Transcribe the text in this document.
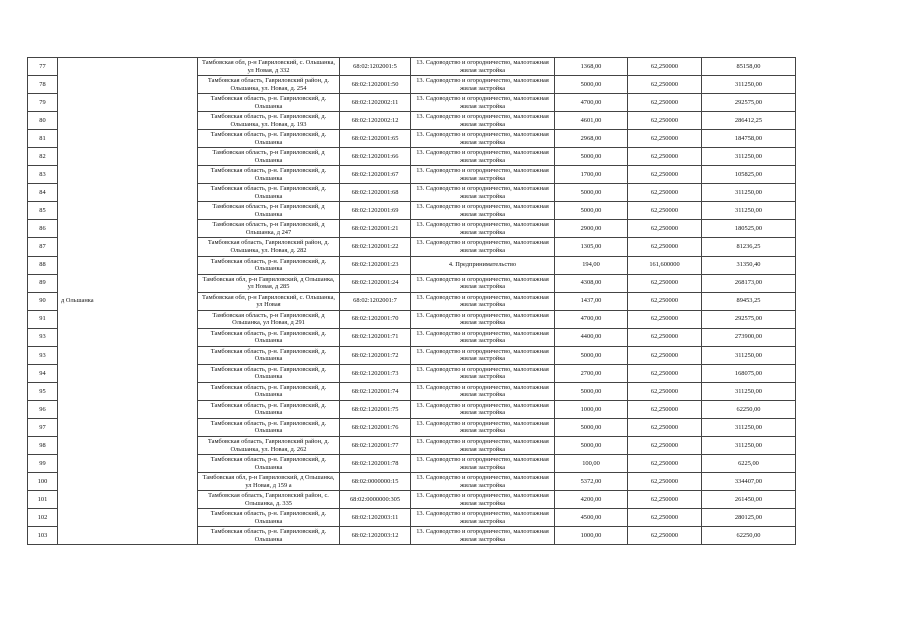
77	д Ольшанка	Тамбовская обл, р-н Гавриловский, с. Ольшанка, ул Новая, д 332	68:02:1202001:5	13. Садоводство и огородничество, малоэтажная жилая застройка	1368,00	62,250000	85158,00
78		Тамбовская область, Гавриловский район, д. Ольшанка, ул. Новая, д. 254	68:02:1202001:50	13. Садоводство и огородничество, малоэтажная жилая застройка	5000,00	62,250000	311250,00
79		Тамбовская область, р-н. Гавриловский, д. Ольшанка	68:02:1202002:11	13. Садоводство и огородничество, малоэтажная жилая застройка	4700,00	62,250000	292575,00
80		Тамбовская область, р-н. Гавриловский, д. Ольшанка, ул. Новая, д. 193	68:02:1202002:12	13. Садоводство и огородничество, малоэтажная жилая застройка	4601,00	62,250000	286412,25
81		Тамбовская область, р-н. Гавриловский, д. Ольшанка	68:02:1202001:65	13. Садоводство и огородничество, малоэтажная жилая застройка	2968,00	62,250000	184758,00
82		Тамбовская область, р-н Гавриловский, д Ольшанка	68:02:1202001:66	13. Садоводство и огородничество, малоэтажная жилая застройка	5000,00	62,250000	311250,00
83		Тамбовская область, р-н. Гавриловский, д. Ольшанка	68:02:1202001:67	13. Садоводство и огородничество, малоэтажная жилая застройка	1700,00	62,250000	105825,00
84		Тамбовская область, р-н. Гавриловский, д. Ольшанка	68:02:1202001:68	13. Садоводство и огородничество, малоэтажная жилая застройка	5000,00	62,250000	311250,00
85		Тамбовская область, р-н Гавриловский, д Ольшанка	68:02:1202001:69	13. Садоводство и огородничество, малоэтажная жилая застройка	5000,00	62,250000	311250,00
86		Тамбовская область, р-н Гавриловский, д Ольшанка, д 247	68:02:1202001:21	13. Садоводство и огородничество, малоэтажная жилая застройка	2900,00	62,250000	180525,00
87		Тамбовская область, Гавриловский район, д. Ольшанка, ул. Новая, д. 282	68:02:1202001:22	13. Садоводство и огородничество, малоэтажная жилая застройка	1305,00	62,250000	81236,25
88		Тамбовская область, р-н. Гавриловский, д. Ольшанка	68:02:1202001:23	4. Предпринимательство	194,00	161,600000	31350,40
89		Тамбовская обл, р-н Гавриловский, д Ольшанка, ул Новая, д 285	68:02:1202001:24	13. Садоводство и огородничество, малоэтажная жилая застройка	4308,00	62,250000	268173,00
90		Тамбовская обл, р-н Гавриловский, с. Ольшанка, ул Новая	68:02:1202001:7	13. Садоводство и огородничество, малоэтажная жилая застройка	1437,00	62,250000	89453,25
91		Тамбовская область, р-н Гавриловский, д Ольшанка, ул Новая, д 291	68:02:1202001:70	13. Садоводство и огородничество, малоэтажная жилая застройка	4700,00	62,250000	292575,00
93		Тамбовская область, р-н. Гавриловский, д. Ольшанка	68:02:1202001:71	13. Садоводство и огородничество, малоэтажная жилая застройка	4400,00	62,250000	273900,00
93		Тамбовская область, р-н. Гавриловский, д. Ольшанка	68:02:1202001:72	13. Садоводство и огородничество, малоэтажная жилая застройка	5000,00	62,250000	311250,00
94		Тамбовская область, р-н. Гавриловский, д. Ольшанка	68:02:1202001:73	13. Садоводство и огородничество, малоэтажная жилая застройка	2700,00	62,250000	168075,00
95		Тамбовская область, р-н. Гавриловский, д. Ольшанка	68:02:1202001:74	13. Садоводство и огородничество, малоэтажная жилая застройка	5000,00	62,250000	311250,00
96		Тамбовская область, р-н. Гавриловский, д. Ольшанка	68:02:1202001:75	13. Садоводство и огородничество, малоэтажная жилая застройка	1000,00	62,250000	62250,00
97		Тамбовская область, р-н. Гавриловский, д. Ольшанка	68:02:1202001:76	13. Садоводство и огородничество, малоэтажная жилая застройка	5000,00	62,250000	311250,00
98		Тамбовская область, Гавриловский район, д. Ольшанка, ул. Новая, д. 262	68:02:1202001:77	13. Садоводство и огородничество, малоэтажная жилая застройка	5000,00	62,250000	311250,00
99		Тамбовская область, р-н. Гавриловский, д. Ольшанка	68:02:1202001:78	13. Садоводство и огородничество, малоэтажная жилая застройка	100,00	62,250000	6225,00
100		Тамбовская обл, р-н Гавриловский, д Ольшанка, ул Новая, д 159 а	68:02:0000000:15	13. Садоводство и огородничество, малоэтажная жилая застройка	5372,00	62,250000	334407,00
101		Тамбовская область, Гавриловский район, с. Ольшанка, д. 335	68:02:0000000:305	13. Садоводство и огородничество, малоэтажная жилая застройка	4200,00	62,250000	261450,00
102		Тамбовская область, р-н. Гавриловский, д. Ольшанка	68:02:1202003:11	13. Садоводство и огородничество, малоэтажная жилая застройка	4500,00	62,250000	280125,00
103		Тамбовская область, р-н. Гавриловский, д. Ольшанка	68:02:1202003:12	13. Садоводство и огородничество, малоэтажная жилая застройка	1000,00	62,250000	62250,00
